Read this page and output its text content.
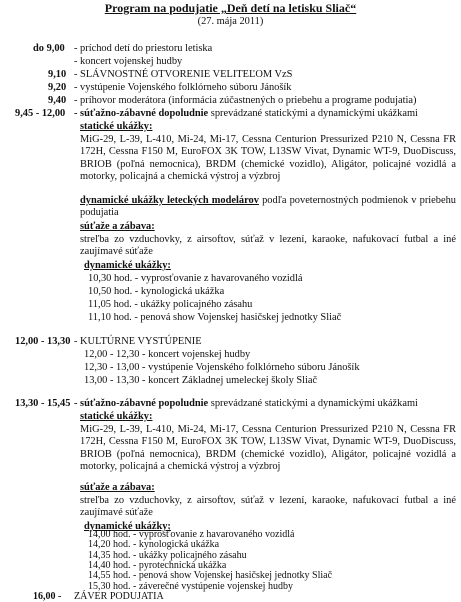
Program na podujatie „Deň detí na letisku Sliač“
(27. mája 2011)
do 9,00 - príchod detí do priestoru letiska
- koncert vojenskej hudby
9,10 - SLÁVNOSTNÉ OTVORENIE VELITEĽOM VzS
9,20 - vystúpenie Vojenského folklórneho súboru Jánošík
9,40 - príhovor moderátora (informácia zúčastnených o priebehu a programe podujatia)
9,45 - 12,00 - súťažno-zábavné dopoludnie sprevádzané statickými a dynamickými ukážkami
statické ukážky:
MiG-29, L-39, L-410, Mi-24, Mi-17, Cessna Centurion Pressurized P210 N, Cessna FR 172H, Cessna F150 M, EuroFOX 3K TOW, L13SW Vivat, Dynamic WT-9, DuoDiscuss, BRIOB (poľná nemocnica), BRDM (chemické vozidlo), Aligátor, policajné vozidlá a motorky, policajná a chemická výstroj a výzbroj
dynamické ukážky leteckých modelárov podľa poveternostných podmienok v priebehu podujatia
súťaže a zábava:
streľba zo vzduchovky, z airsoftov, súťaž v lezení, karaoke, nafukovací futbal a iné zaujímavé súťaže
dynamické ukážky:
10,30 hod. - vyprosťovanie z havarovaného vozidlá
10,50 hod. - kynologická ukážka
11,05 hod. - ukážky policajného zásahu
11,10 hod. - penová show Vojenskej hasičskej jednotky Sliač
12,00 - 13,30 - KULTÚRNE VYSTÚPENIE
12,00 - 12,30 - koncert vojenskej hudby
12,30 - 13,00 - vystúpenie Vojenského folklórneho súboru Jánošík
13,00 - 13,30 - koncert Základnej umeleckej školy Sliač
13,30 - 15,45 - súťažno-zábavné popoludnie sprevádzané statickými a dynamickými ukážkami
statické ukážky:
MiG-29, L-39, L-410, Mi-24, Mi-17, Cessna Centurion Pressurized P210 N, Cessna FR 172H, Cessna F150 M, EuroFOX 3K TOW, L13SW Vivat, Dynamic WT-9, DuoDiscuss, BRIOB (poľná nemocnica), BRDM (chemické vozidlo), Aligátor, policajné vozidlá a motorky, policajná a chemická výstroj a výzbroj
súťaže a zábava:
streľba zo vzduchovky, z airsoftov, súťaž v lezení, karaoke, nafukovací futbal a iné zaujímavé súťaže
dynamické ukážky:
14,00 hod. - vyprosťovanie z havarovaného vozidlá
14,20 hod. - kynologická ukážka
14,35 hod. - ukážky policajného zásahu
14,40 hod. - pyrotechnická ukážka
14,55 hod. - penová show Vojenskej hasičskej jednotky Sliač
15,30 hod. - záverečné vystúpenie vojenskej hudby
16,00 - ZÁVER PODUJATIA
